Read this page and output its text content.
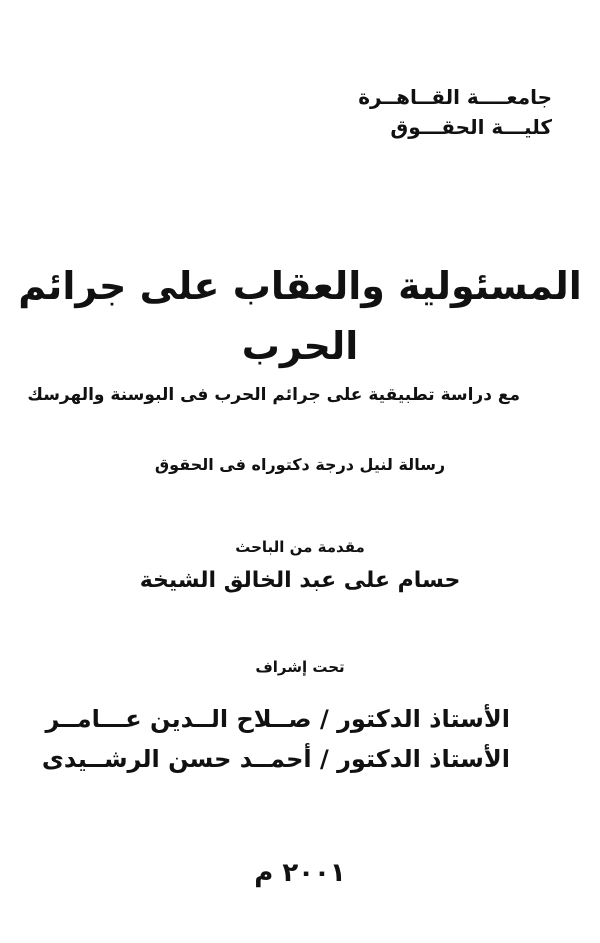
جامعــــة القــاهــرة
كليـــة الحقـــوق
المسئولية والعقاب على جرائم
الحرب
مع دراسة تطبيقية على جرائم الحرب فى البوسنة والهرسك
رسالة لنيل درجة دكتوراه فى الحقوق
مقدمة من الباحث
حسام على عبد الخالق الشيخة
تحت إشراف
الأستاذ الدكتور / صــلاح الــدين عـــامــر
الأستاذ الدكتور / أحمــد حسن الرشــيدى
٢٠٠١ م
